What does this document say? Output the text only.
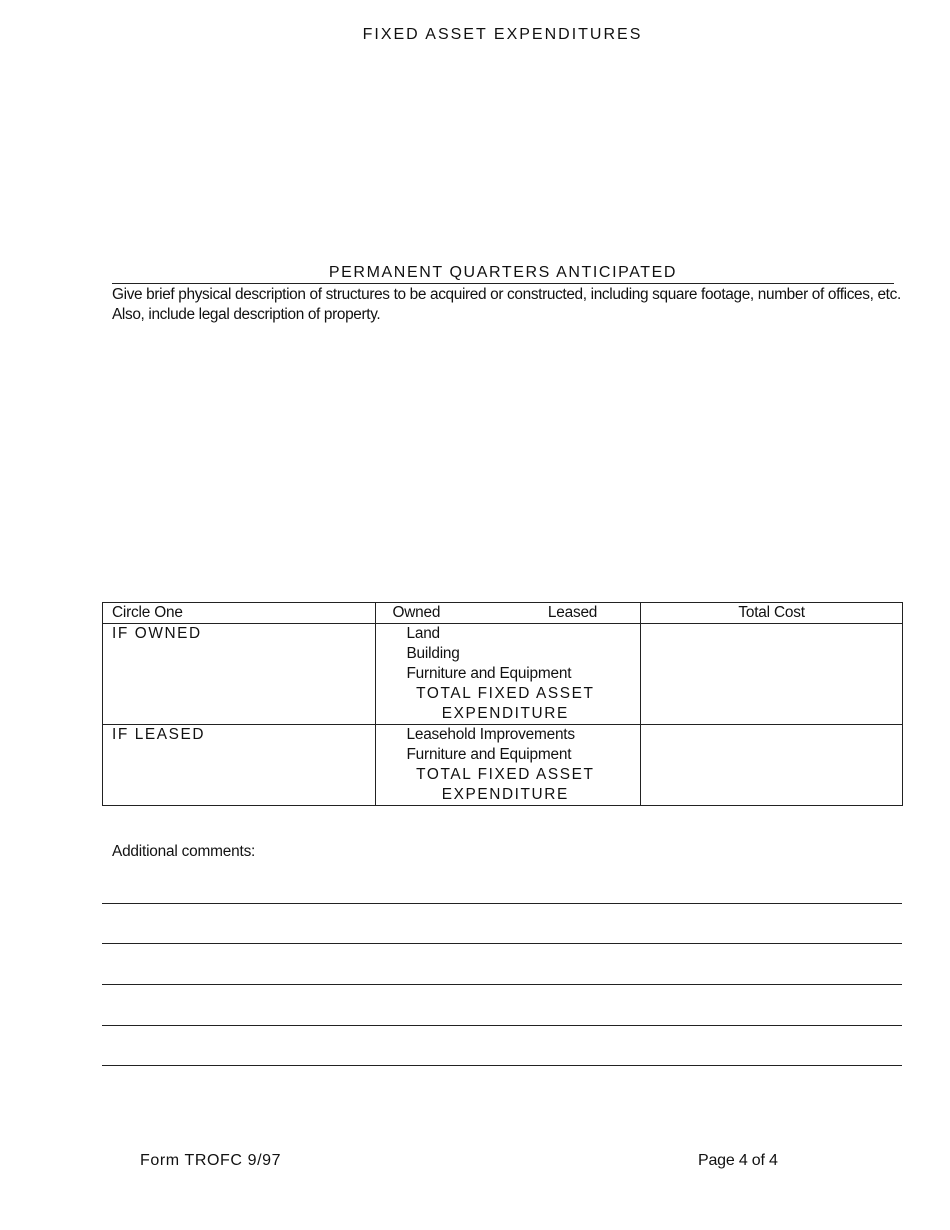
FIXED ASSET EXPENDITURES
PERMANENT QUARTERS ANTICIPATED
Give brief physical description of structures to be acquired or constructed, including square footage, number of offices, etc. Also, include legal description of property.
Circle One	Owned Leased	Total Cost
IF OWNED	Land
Building
Furniture and Equipment
TOTAL FIXED ASSET
EXPENDITURE	

IF LEASED	Leasehold Improvements
Furniture and Equipment
TOTAL FIXED ASSET
EXPENDITURE	

Additional comments:
Form TROFC 9/97	Page 4 of 4
